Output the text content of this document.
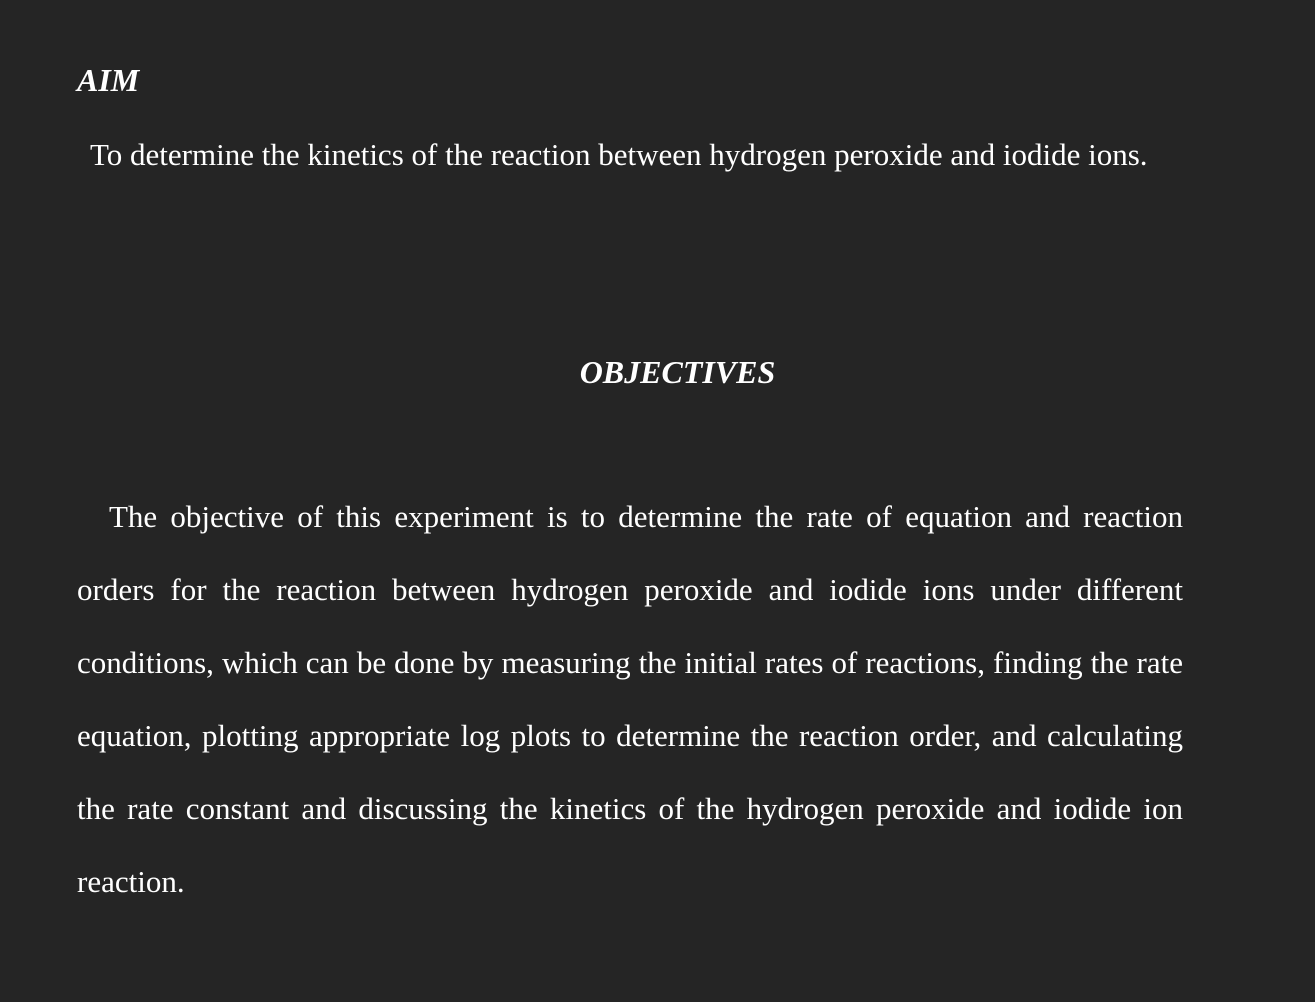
AIM

To determine the kinetics of the reaction between hydrogen peroxide and iodide ions.

OBJECTIVES

The objective of this experiment is to determine the rate of equation and reaction orders for the reaction between hydrogen peroxide and iodide ions under different conditions, which can be done by measuring the initial rates of reactions, finding the rate equation, plotting appropriate log plots to determine the reaction order, and calculating the rate constant and discussing the kinetics of the hydrogen peroxide and iodide ion reaction.
